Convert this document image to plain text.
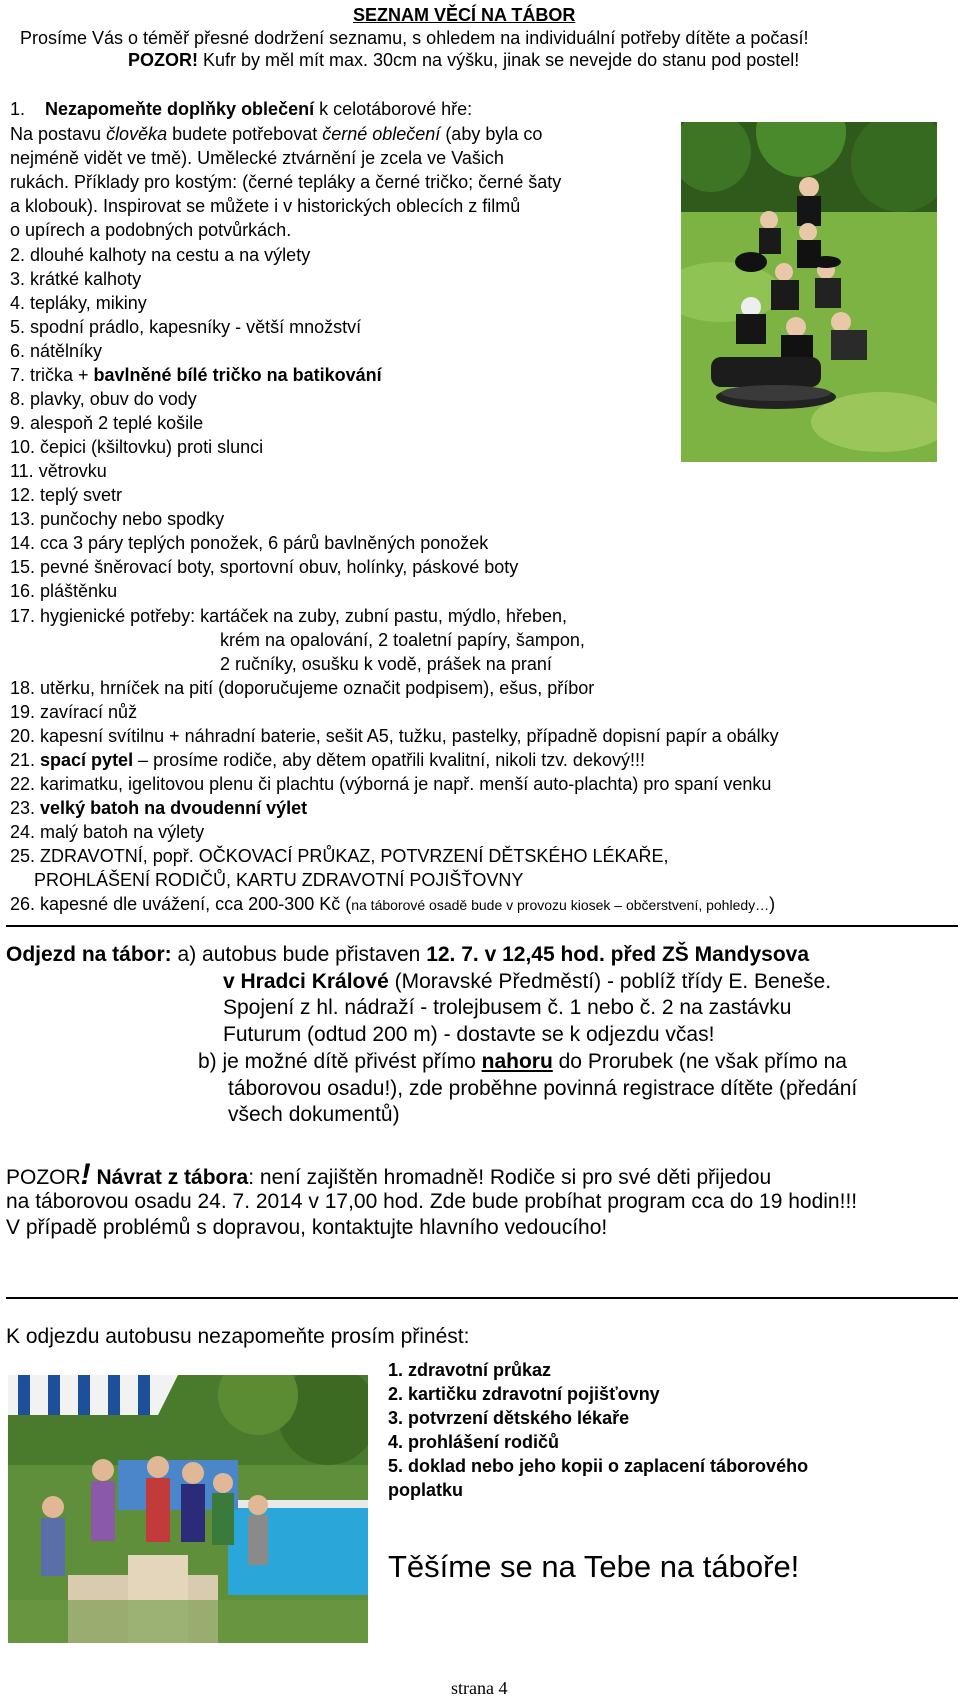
SEZNAM VĚCÍ NA TÁBOR
Prosíme Vás o téměř přesné dodržení seznamu, s ohledem na individuální potřeby dítěte a počasí!
POZOR! Kufr by měl mít max. 30cm na výšku, jinak se nevejde do stanu pod postel!
1. Nezapomeňte doplňky oblečení k celotáborové hře:
Na postavu člověka budete potřebovat černé oblečení (aby byla co
nejméně vidět ve tmě). Umělecké ztvárnění je zcela ve Vašich
rukách. Příklady pro kostým: (černé tepláky a černé tričko; černé šaty
a klobouk). Inspirovat se můžete i v historických oblecích z filmů
o upírech a podobných potvůrkách.
2. dlouhé kalhoty na cestu a na výlety
3. krátké kalhoty
4. tepláky, mikiny
5. spodní prádlo, kapesníky - větší množství
6. nátělníky
7. trička + bavlněné bílé tričko na batikování
8. plavky, obuv do vody
9. alespoň 2 teplé košile
10. čepici (kšiltovku) proti slunci
11. větrovku
12. teplý svetr
13. punčochy nebo spodky
14. cca 3 páry teplých ponožek, 6 párů bavlněných ponožek
15. pevné šněrovací boty, sportovní obuv, holínky, páskové boty
16. pláštěnku
17. hygienické potřeby: kartáček na zuby, zubní pastu, mýdlo, hřeben,
krém na opalování, 2 toaletní papíry, šampon,
2 ručníky, osušku k vodě, prášek na praní
18. utěrku, hrníček na pití (doporučujeme označit podpisem), ešus, příbor
19. zavírací nůž
20. kapesní svítilnu + náhradní baterie, sešit A5, tužku, pastelky, případně dopisní papír a obálky
21. spací pytel – prosíme rodiče, aby dětem opatřili kvalitní, nikoli tzv. dekový!!!
22. karimatku, igelitovou plenu či plachtu (výborná je např. menší auto-plachta) pro spaní venku
23. velký batoh na dvoudenní výlet
24. malý batoh na výlety
25. ZDRAVOTNÍ, popř. OČKOVACÍ PRŮKAZ, POTVRZENÍ DĚTSKÉHO LÉKAŘE,
PROHLÁŠENÍ RODIČŮ, KARTU ZDRAVOTNÍ POJIŠŤOVNY
26. kapesné dle uvážení, cca 200-300 Kč (na táborové osadě bude v provozu kiosek – občerstvení, pohledy…)
Odjezd na tábor: a) autobus bude přistaven 12. 7. v 12,45 hod. před ZŠ Mandysova
v Hradci Králové (Moravské Předměstí) - poblíž třídy E. Beneše.
Spojení z hl. nádraží - trolejbusem č. 1 nebo č. 2 na zastávku
Futurum (odtud 200 m) - dostavte se k odjezdu včas!
b) je možné dítě přivést přímo nahoru do Prorubek (ne však přímo na
táborovou osadu!), zde proběhne povinná registrace dítěte (předání
všech dokumentů)
POZOR! Návrat z tábora: není zajištěn hromadně! Rodiče si pro své děti přijedou
na táborovou osadu 24. 7. 2014 v 17,00 hod. Zde bude probíhat program cca do 19 hodin!!!
V případě problémů s dopravou, kontaktujte hlavního vedoucího!
K odjezdu autobusu nezapomeňte prosím přinést:
1. zdravotní průkaz
2. kartičku zdravotní pojišťovny
3. potvrzení dětského lékaře
4. prohlášení rodičů
5. doklad nebo jeho kopii o zaplacení táborového
poplatku
Těšíme se na Tebe na táboře!
strana 4
